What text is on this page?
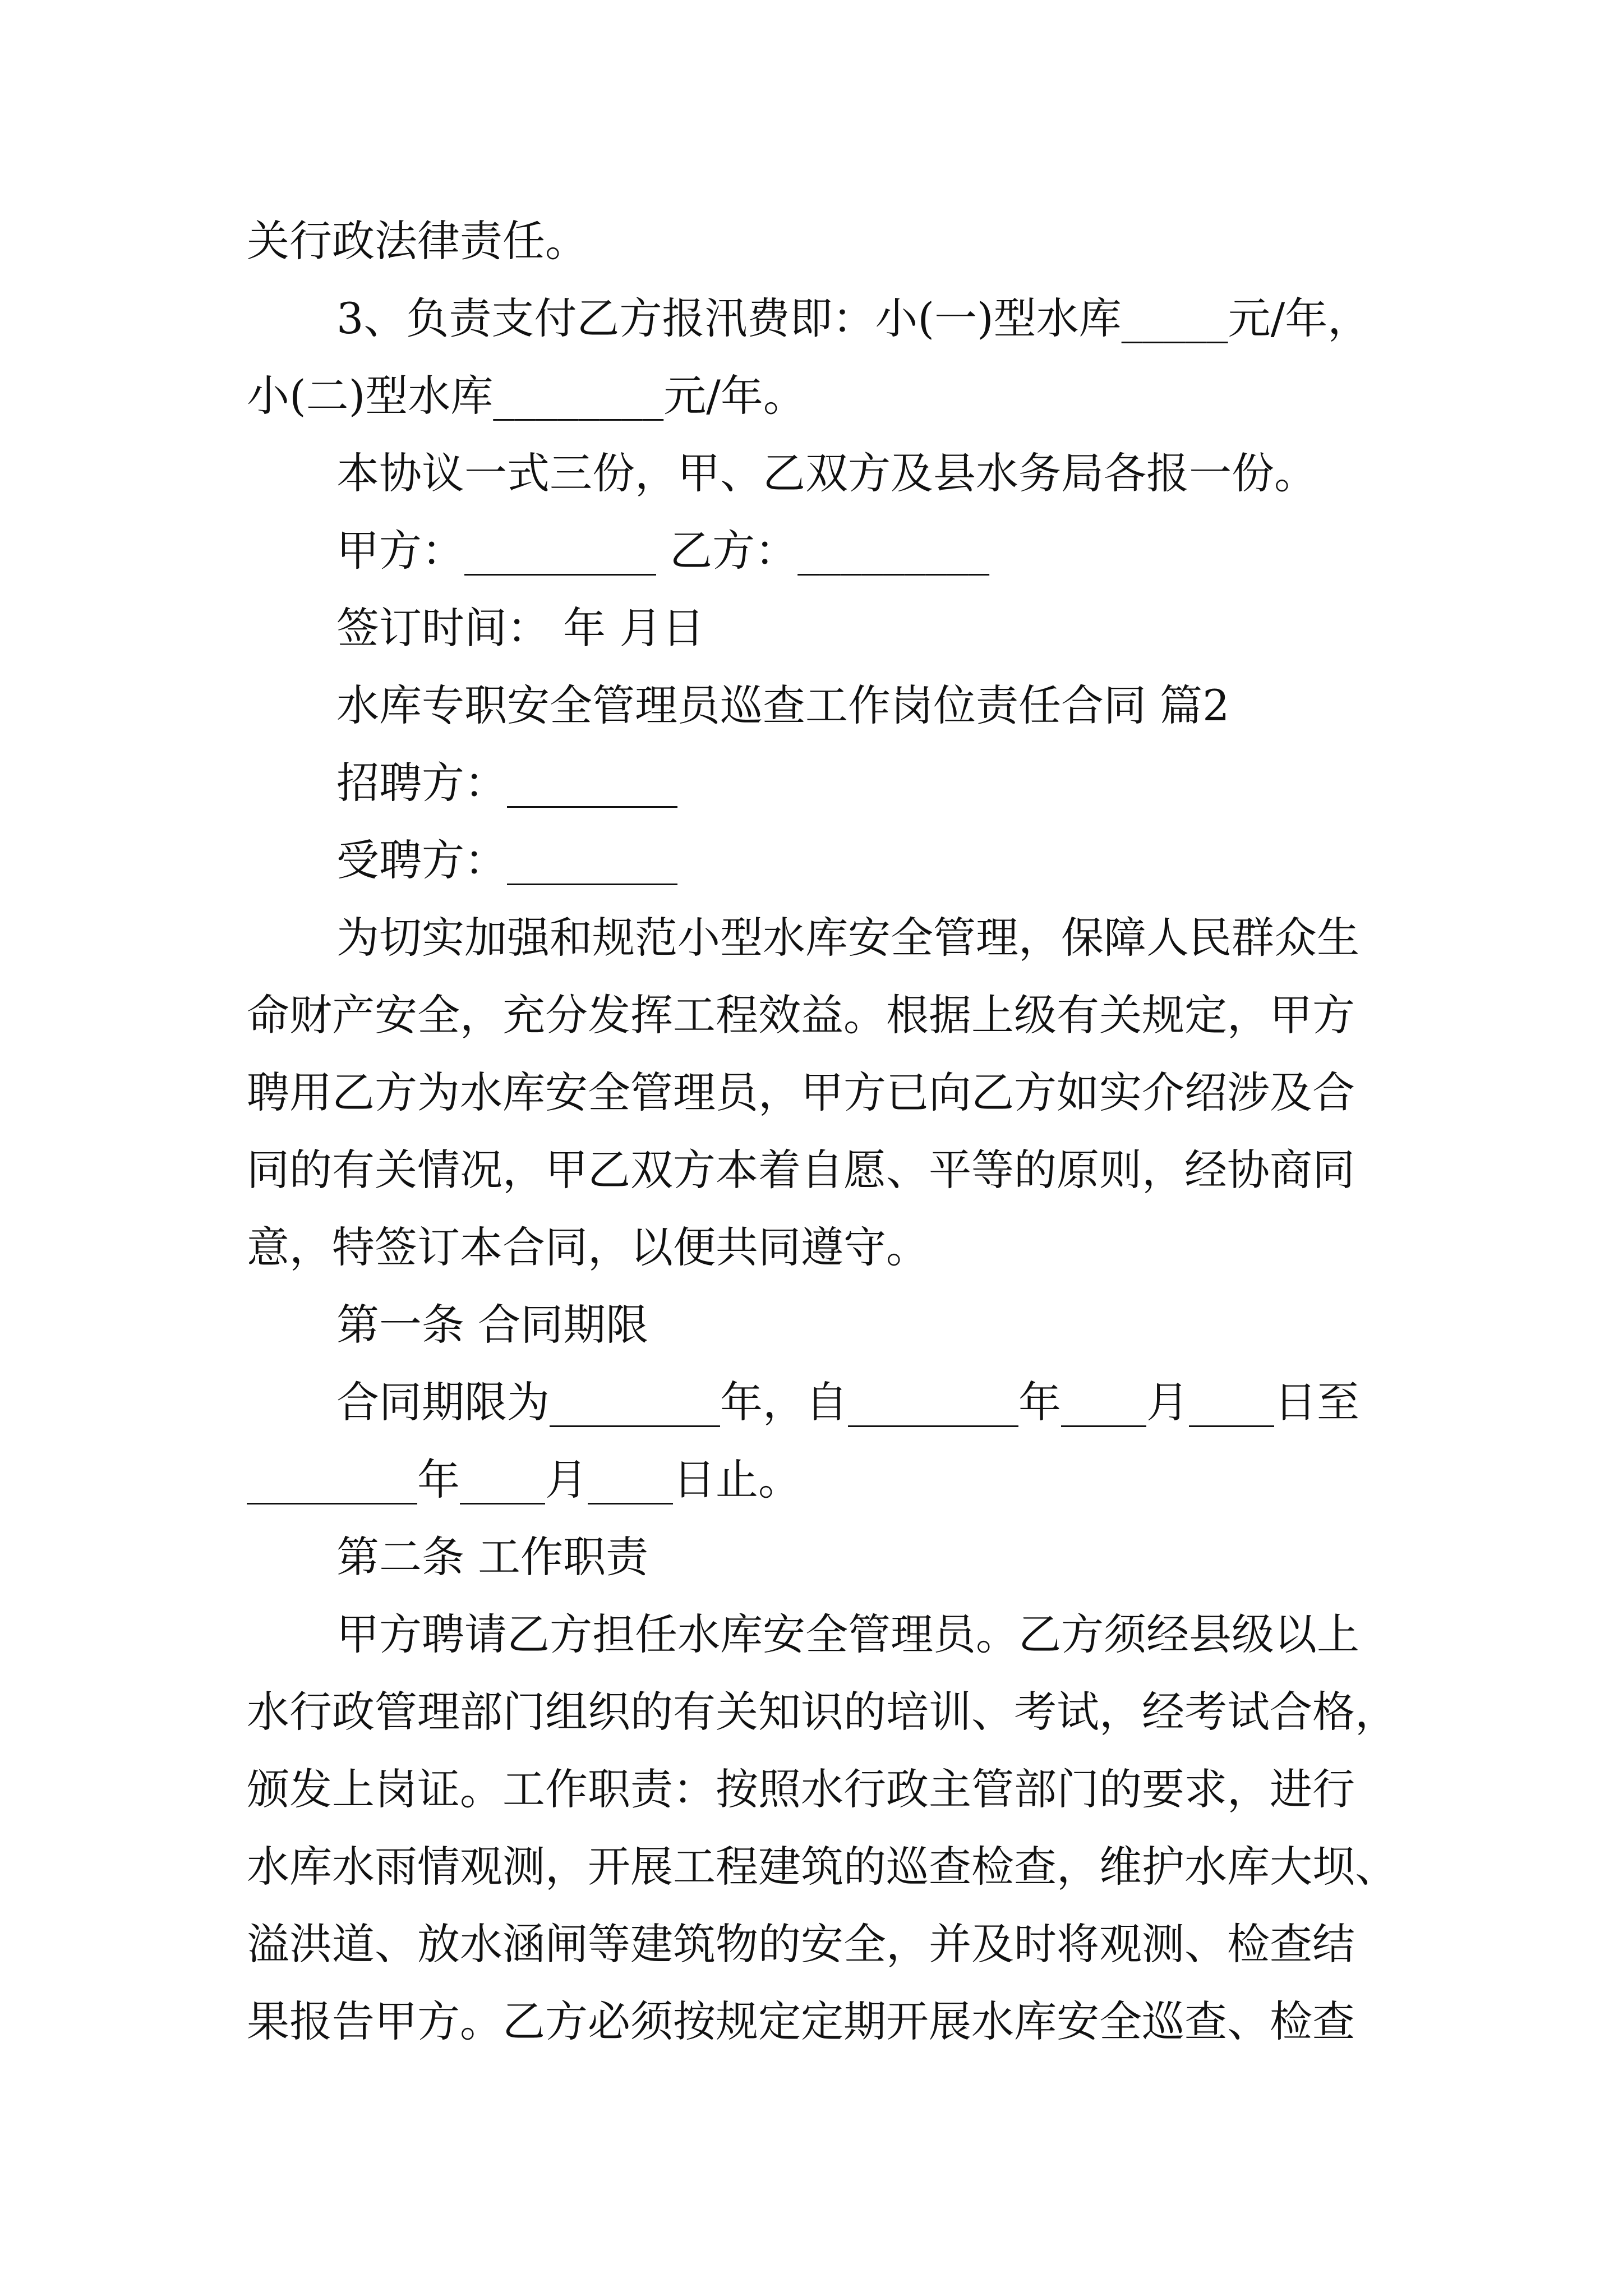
关行政法律责任。
3、负责支付乙方报汛费即：小(一)型水库_____元/年，
小(二)型水库________元/年。
本协议一式三份，甲、乙双方及县水务局各报一份。
甲方：_________ 乙方：_________
签订时间： 年 月日
水库专职安全管理员巡查工作岗位责任合同 篇2
招聘方：________
受聘方：________
为切实加强和规范小型水库安全管理，保障人民群众生
命财产安全，充分发挥工程效益。根据上级有关规定，甲方
聘用乙方为水库安全管理员，甲方已向乙方如实介绍涉及合
同的有关情况，甲乙双方本着自愿、平等的原则，经协商同
意，特签订本合同，以便共同遵守。
第一条 合同期限
合同期限为________年，自________年____月____日至
________年____月____日止。
第二条 工作职责
甲方聘请乙方担任水库安全管理员。乙方须经县级以上
水行政管理部门组织的有关知识的培训、考试，经考试合格，
颁发上岗证。工作职责：按照水行政主管部门的要求，进行
水库水雨情观测，开展工程建筑的巡查检查，维护水库大坝、
溢洪道、放水涵闸等建筑物的安全，并及时将观测、检查结
果报告甲方。乙方必须按规定定期开展水库安全巡查、检查
